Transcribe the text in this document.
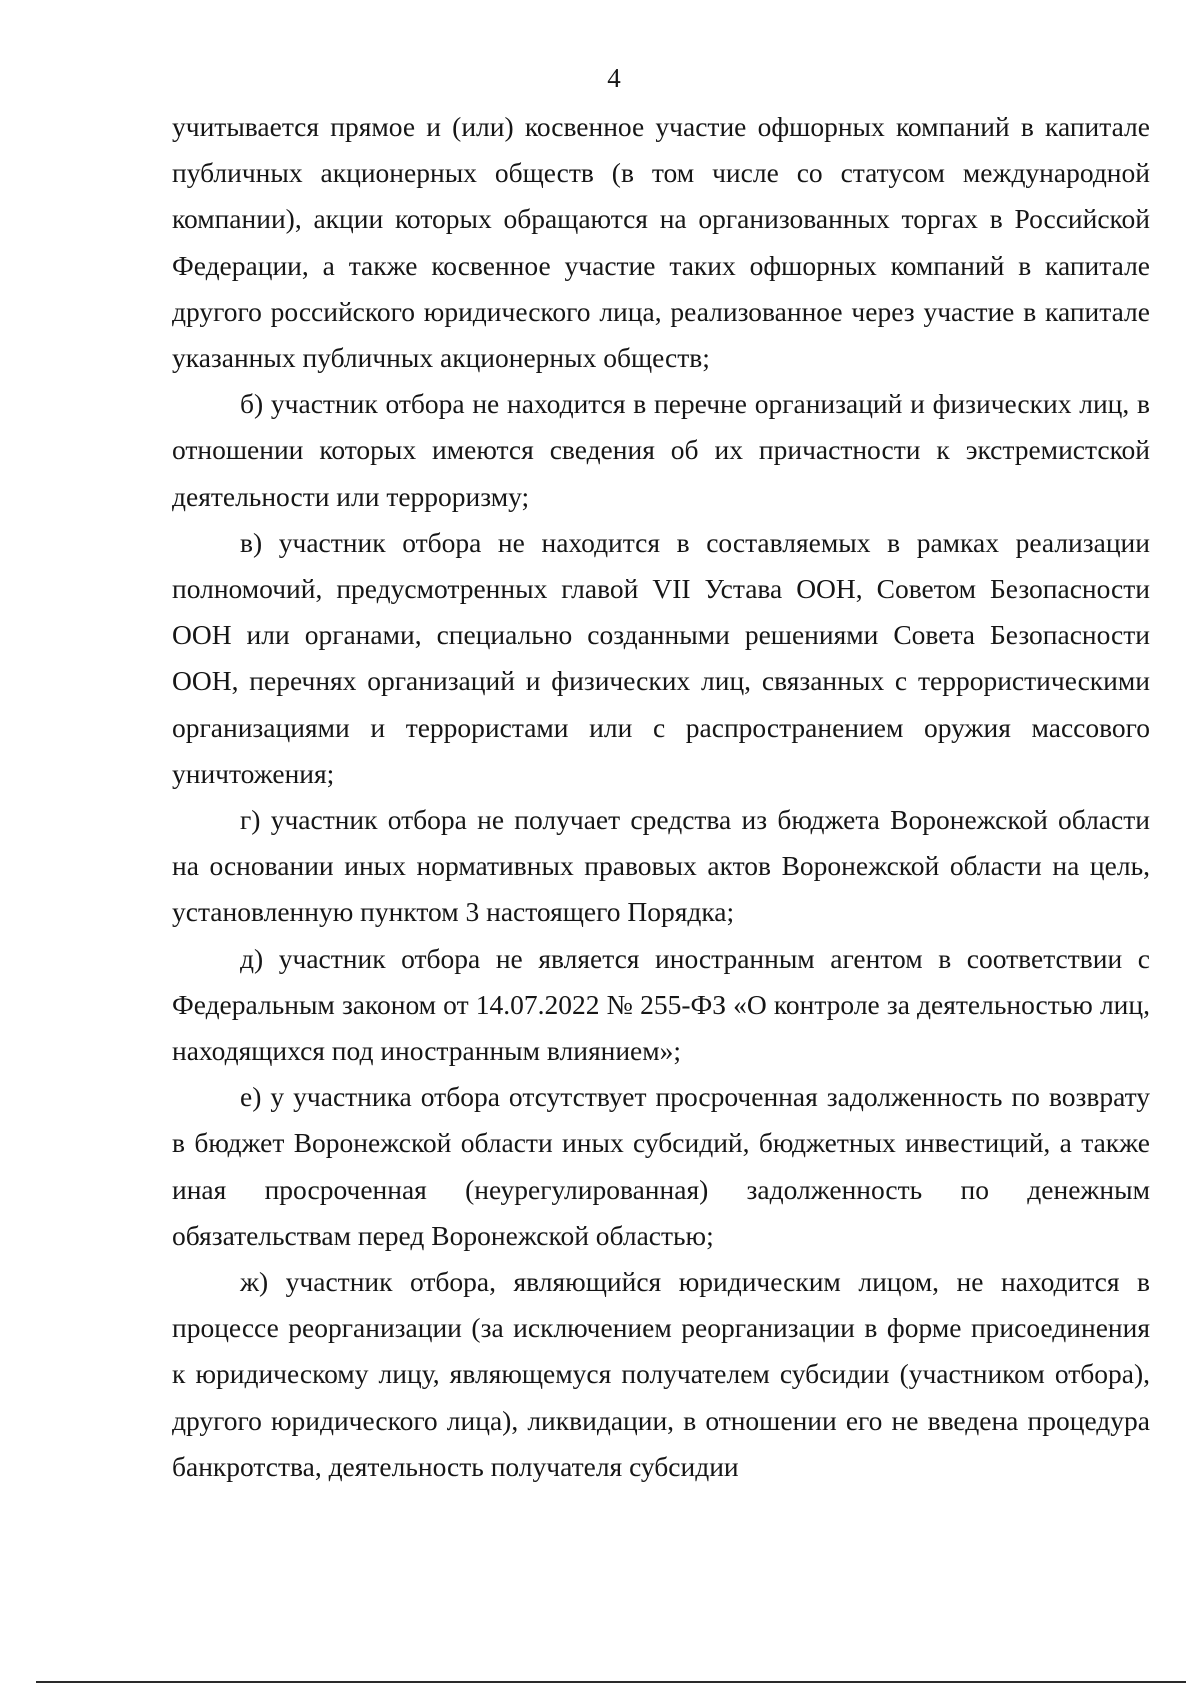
4

учитывается прямое и (или) косвенное участие офшорных компаний в капитале публичных акционерных обществ (в том числе со статусом международной компании), акции которых обращаются на организованных торгах в Российской Федерации, а также косвенное участие таких офшорных компаний в капитале другого российского юридического лица, реализованное через участие в капитале указанных публичных акционерных обществ;

б) участник отбора не находится в перечне организаций и физических лиц, в отношении которых имеются сведения об их причастности к экстремистской деятельности или терроризму;

в) участник отбора не находится в составляемых в рамках реализации полномочий, предусмотренных главой VII Устава ООН, Советом Безопасности ООН или органами, специально созданными решениями Совета Безопасности ООН, перечнях организаций и физических лиц, связанных с террористическими организациями и террористами или с распространением оружия массового уничтожения;

г) участник отбора не получает средства из бюджета Воронежской области на основании иных нормативных правовых актов Воронежской области на цель, установленную пунктом 3 настоящего Порядка;

д) участник отбора не является иностранным агентом в соответствии с Федеральным законом от 14.07.2022 № 255-ФЗ «О контроле за деятельностью лиц, находящихся под иностранным влиянием»;

е) у участника отбора отсутствует просроченная задолженность по возврату в бюджет Воронежской области иных субсидий, бюджетных инвестиций, а также иная просроченная (неурегулированная) задолженность по денежным обязательствам перед Воронежской областью;

ж) участник отбора, являющийся юридическим лицом, не находится в процессе реорганизации (за исключением реорганизации в форме присоединения к юридическому лицу, являющемуся получателем субсидии (участником отбора), другого юридического лица), ликвидации, в отношении его не введена процедура банкротства, деятельность получателя субсидии
